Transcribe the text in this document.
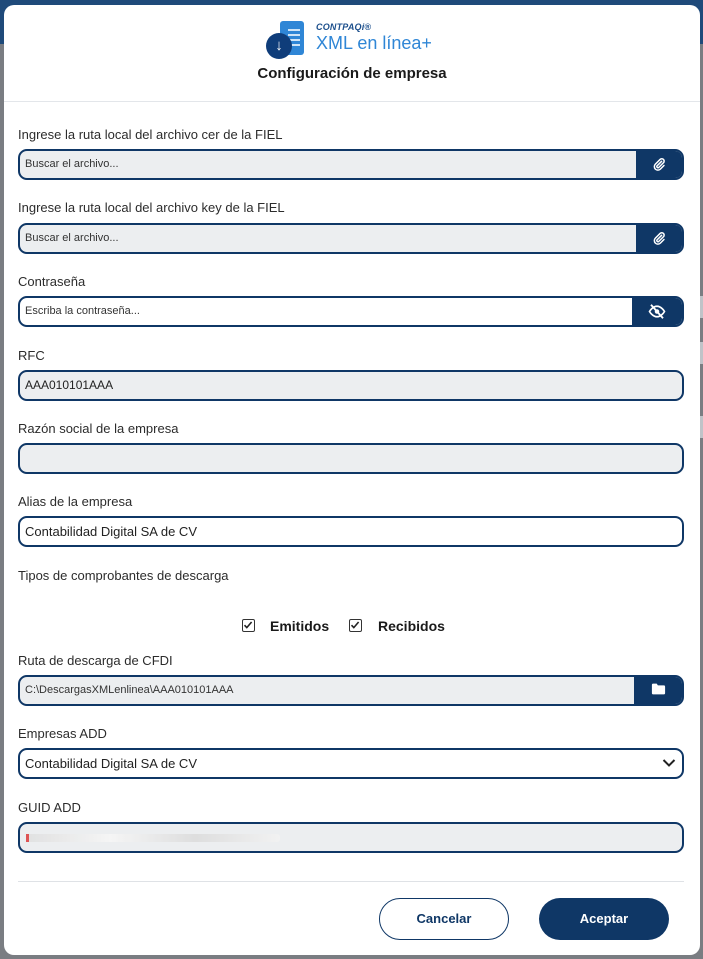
↓
CONTPAQi®
XML en línea+
Configuración de empresa
Ingrese la ruta local del archivo cer de la FIEL
Buscar el archivo...
Ingrese la ruta local del archivo key de la FIEL
Buscar el archivo...
Contraseña
Escriba la contraseña...
RFC
AAA010101AAA
Razón social de la empresa
Alias de la empresa
Contabilidad Digital SA de CV
Tipos de comprobantes de descarga
Emitidos	Recibidos
Ruta de descarga de CFDI
C:\DescargasXMLenlinea\AAA010101AAA
Empresas ADD
Contabilidad Digital SA de CV
GUID ADD
Cancelar	Aceptar
